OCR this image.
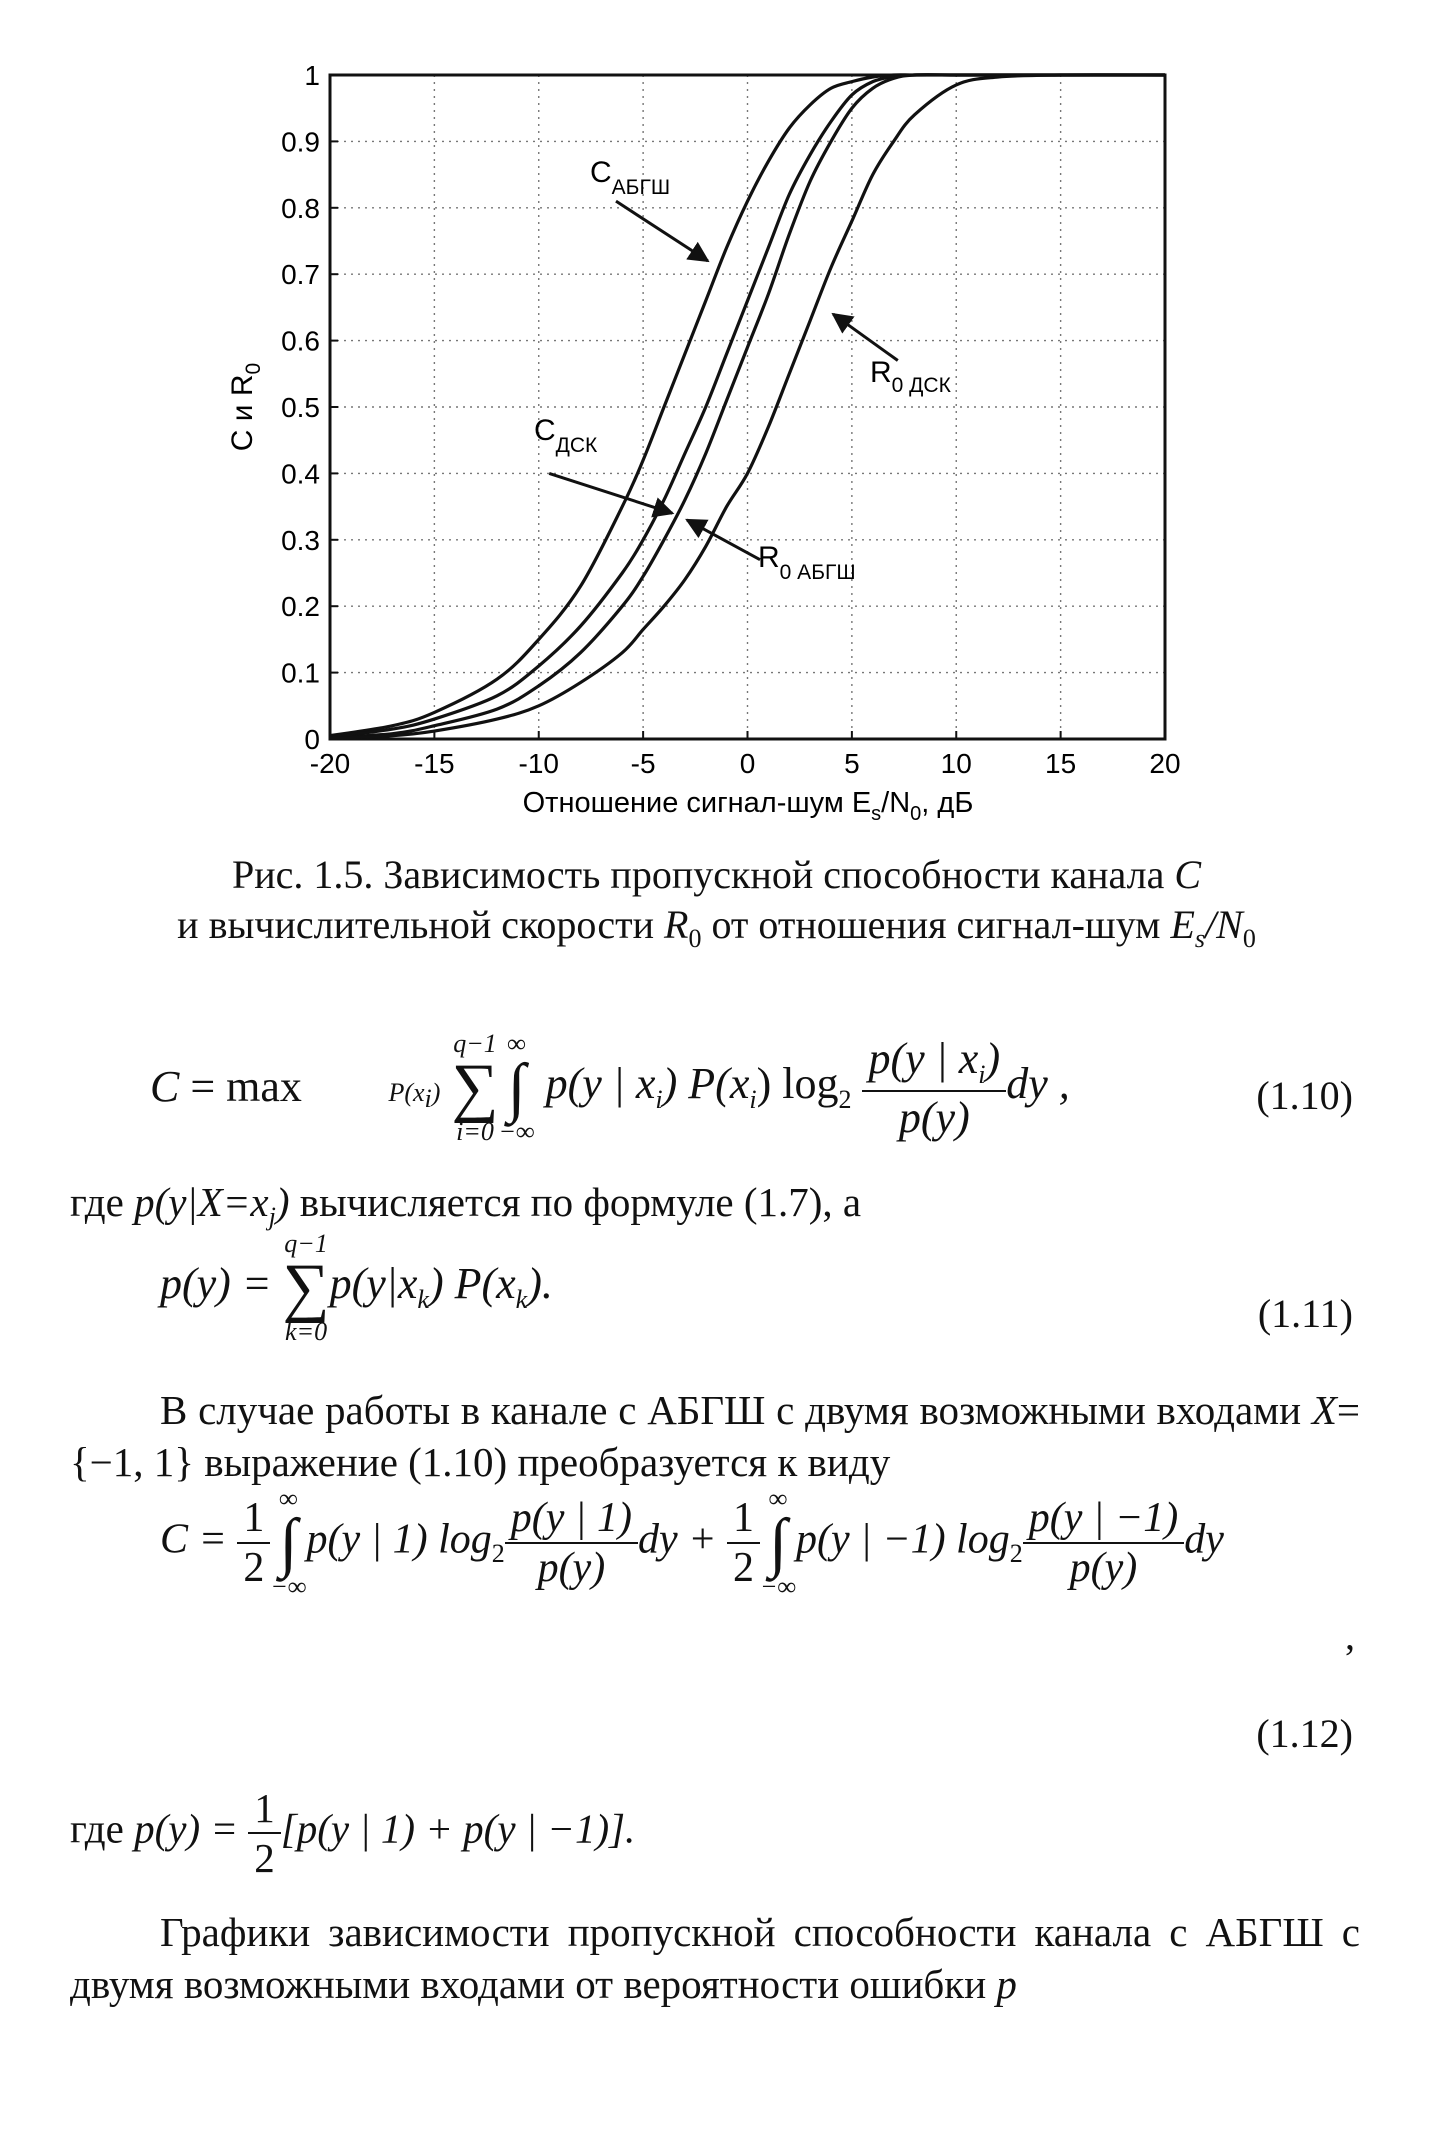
-20 -15 -10	-5	0	5	10	15	20
0
0.1
0.2
0.3
0.4
0.5
0.6
0.7
0.8
0.9
1
Отношение сигнал-шум $E_s/N_0$, дБ
С и $R_0$
$C_{АБГШ}$
$R_{0 ДСК}$
$C_{ДСК}$
$R_{0 АБГШ}$
Рис. 1.5. Зависимость пропускной способности канала C
и вычислительной скорости $R_0$ от отношения сигнал-шум $E_s/N_0$
C = max	$P(x_i)$ q−1
∑
i=0∞
∫
−∞ p(y | $x_i$) $P(x_i)$ $\log_2 \frac{p(y | x_i)}{p(y)}$ dy ,	(1.10)
где $p(y|X=x_j)$ вычисляется по формуле (1.7), а
p(y) = q−1
∑
$k=0p(y|x_k)$ $P(x_k)$.
(1.11)
В случае работы в канале с АБГШ с двумя возможными входами X={−1, 1} выражение (1.10) преобразуется к виду
$C = \frac{1}{2}$ ∞
∫
−∞p(y | 1) $\log_2 \frac{p(y | 1)}{p(y)}$ dy + $\frac{1}{2}$ ∞
∫
−∞p(y | −1) $\log_2 \frac{p(y | -1)}{p(y)}$ dy
,
(1.12)
где $p(y) = \frac{1}{2} [p(y$ | 1) + p(y | −1)].
Графики зависимости пропускной способности канала с АБГШ с двумя возможными входами от вероятности ошибки p
